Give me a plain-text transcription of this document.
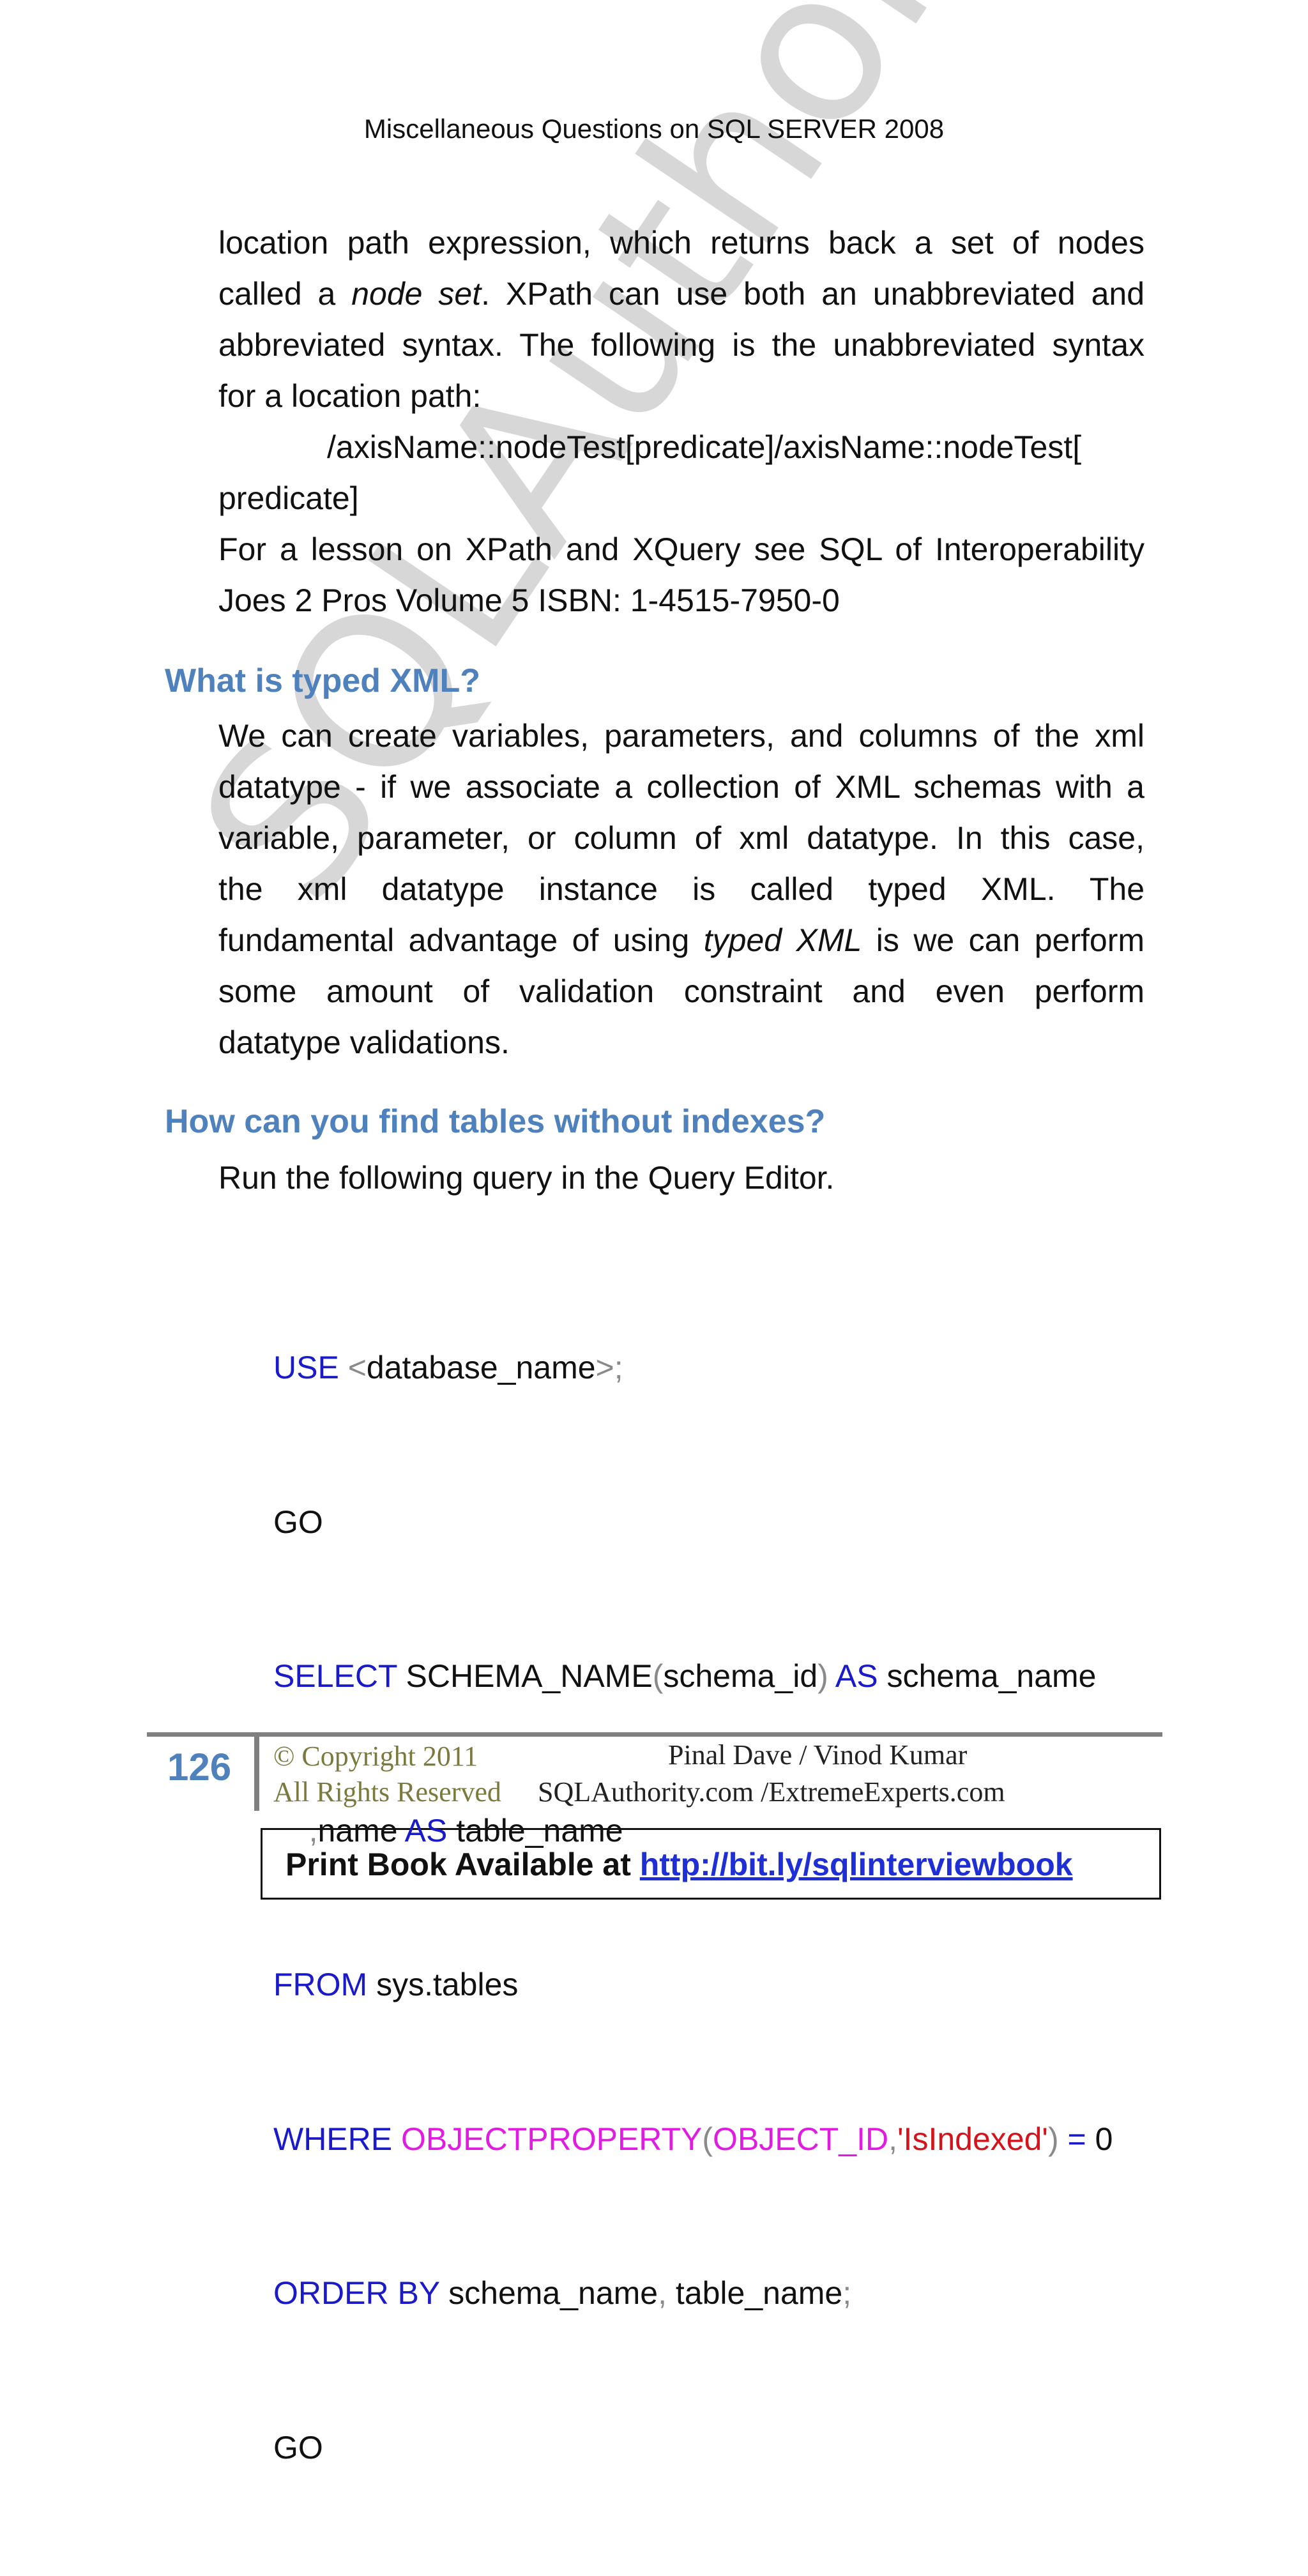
SQLAuthority
Miscellaneous Questions on SQL SERVER 2008
location path expression, which returns back a set of nodes
called a node set. XPath can use both an unabbreviated and
abbreviated syntax. The following is the unabbreviated syntax
for a location path:
/axisName::nodeTest[predicate]/axisName::nodeTest[
predicate]
For a lesson on XPath and XQuery see SQL of Interoperability
Joes 2 Pros Volume 5 ISBN: 1-4515-7950-0
What is typed XML?
We can create variables, parameters, and columns of the xml
datatype - if we associate a collection of XML schemas with a
variable, parameter, or column of xml datatype. In this case,
the xml datatype instance is called typed XML. The
fundamental advantage of using typed XML is we can perform
some amount of validation constraint and even perform
datatype validations.
How can you find tables without indexes?
Run the following query in the Query Editor.

USE <database_name>;

GO

SELECT SCHEMA_NAME(schema_id) AS schema_name

,name AS table_name

FROM sys.tables

WHERE OBJECTPROPERTY(OBJECT_ID,'IsIndexed') = 0

ORDER BY schema_name, table_name;

GO

126 © Copyright 2011
All Rights Reserved
Pinal Dave / Vinod Kumar
SQLAuthority.com /ExtremeExperts.com
Print Book Available at http://bit.ly/sqlinterviewbook
